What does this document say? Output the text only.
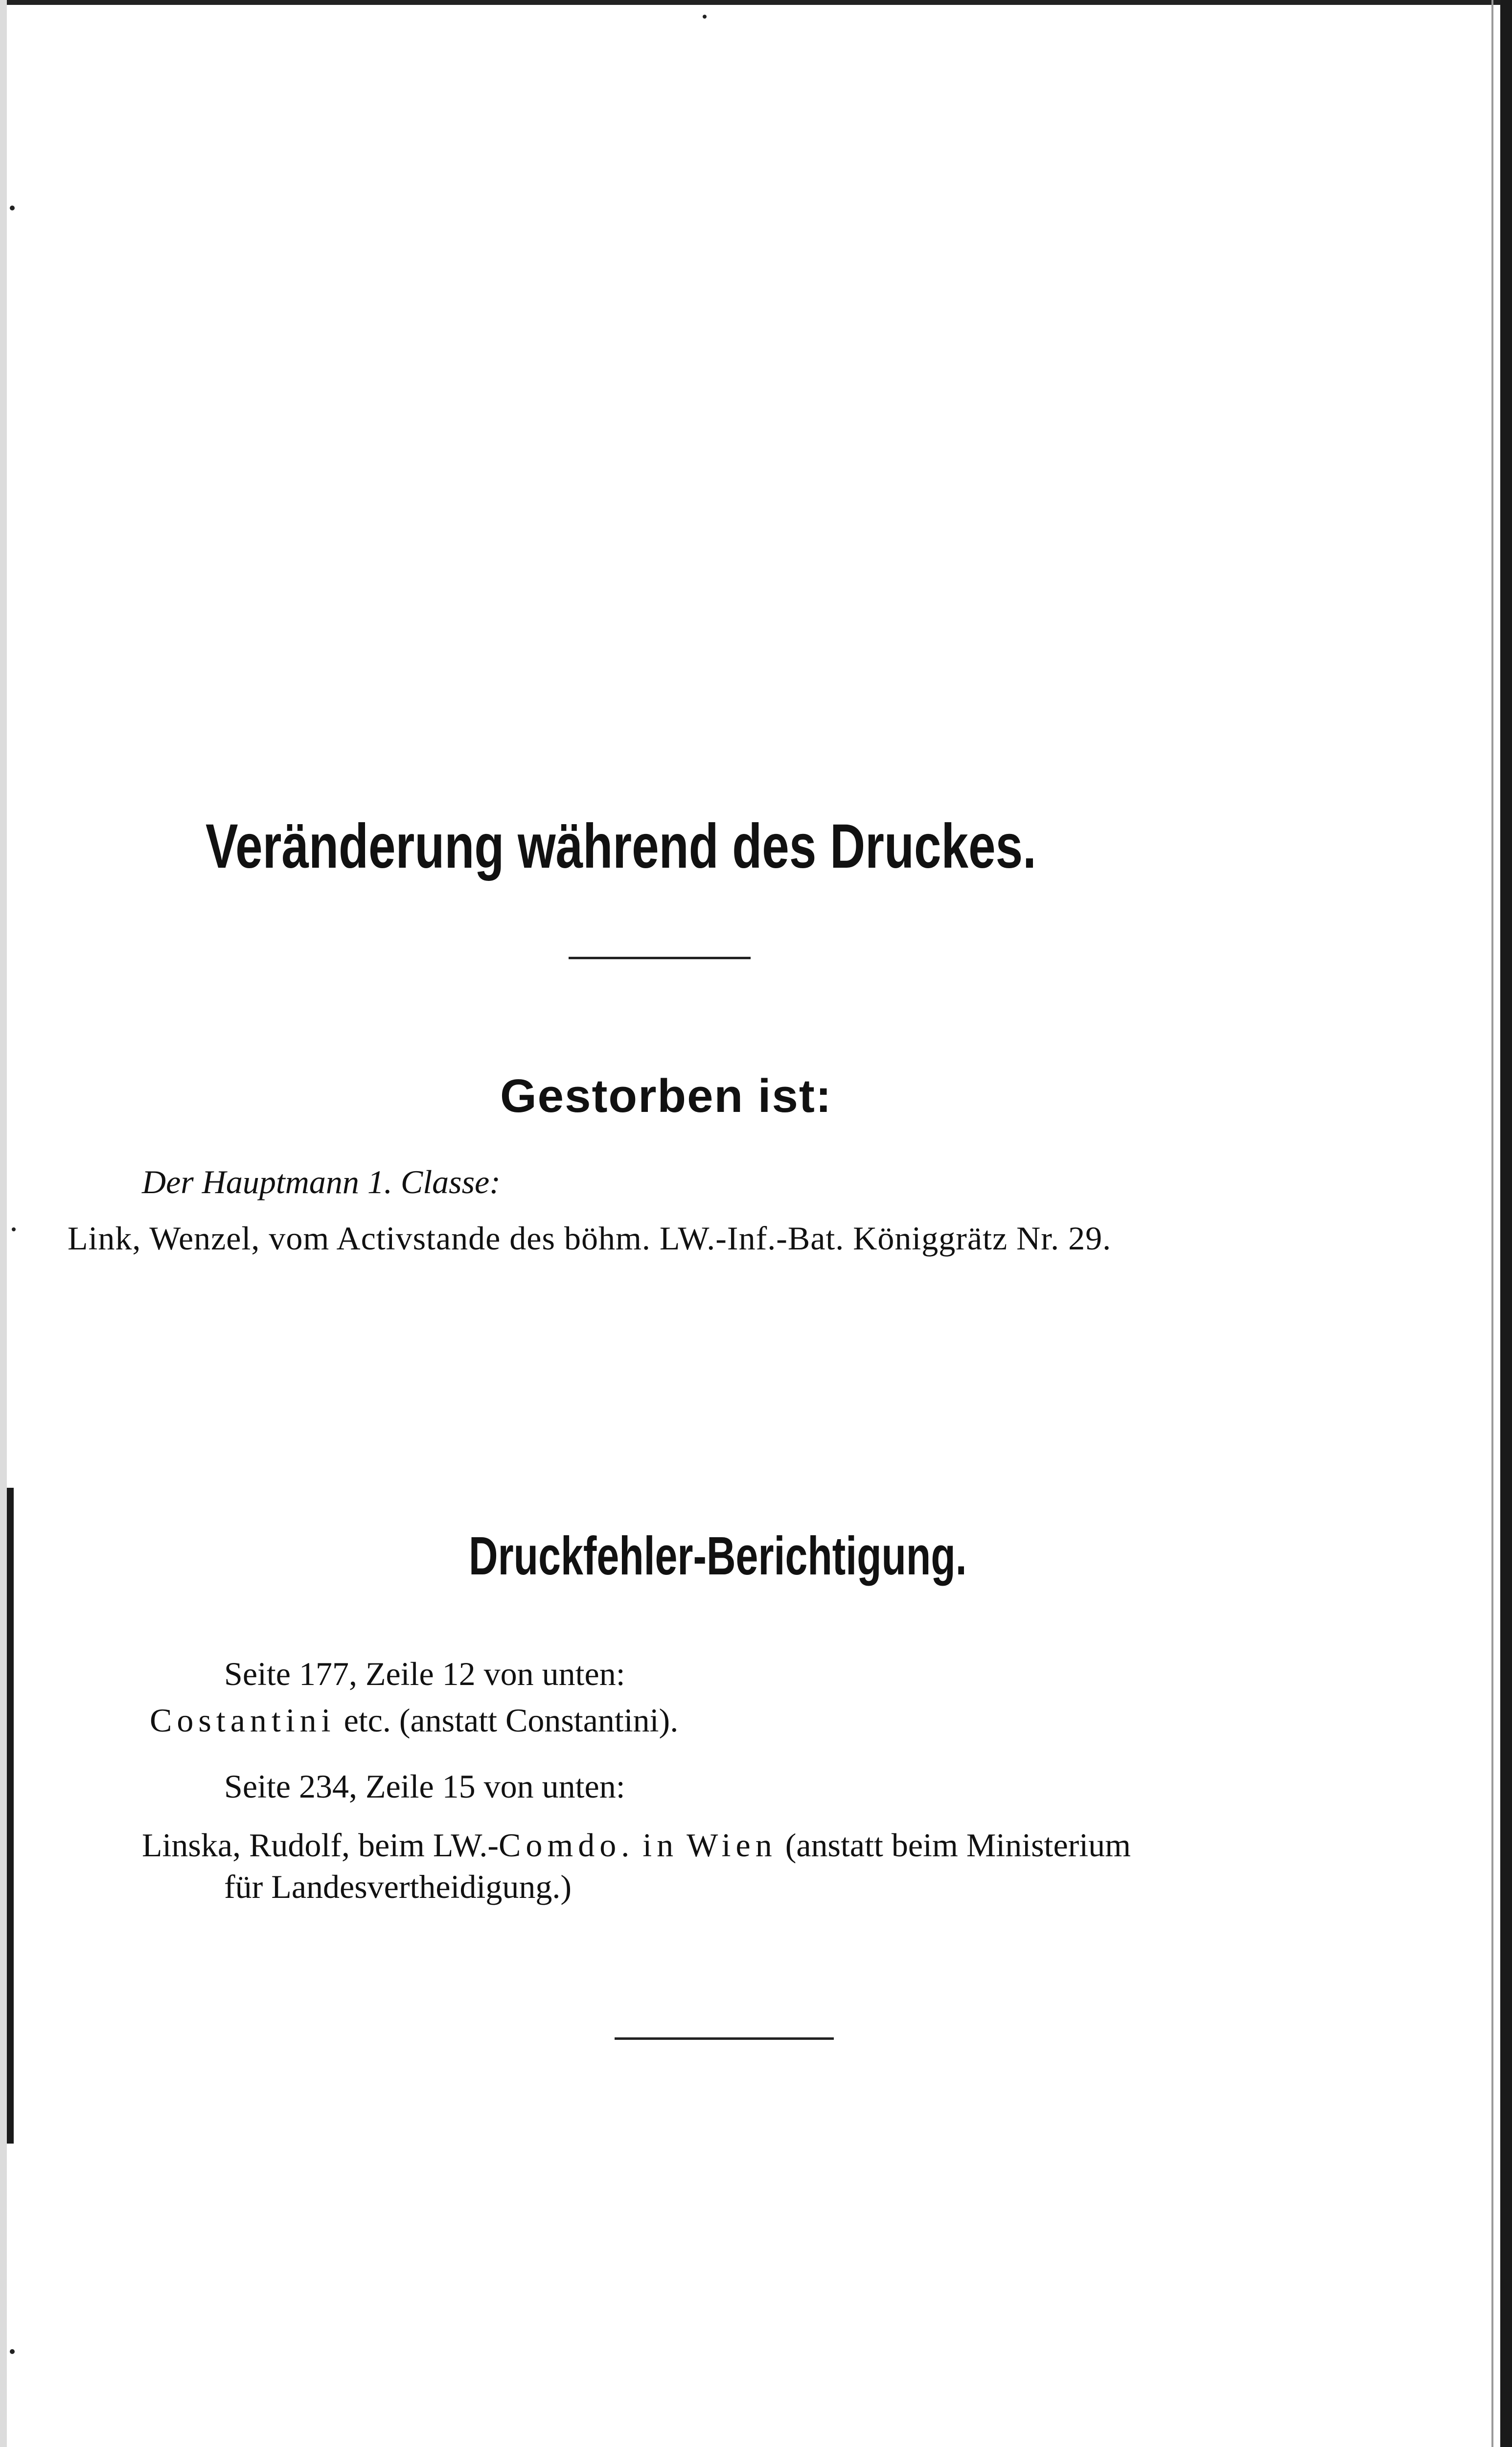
Veränderung während des Druckes.
Gestorben ist:
Der Hauptmann 1. Classe:
Link, Wenzel, vom Activstande des böhm. LW.-Inf.-Bat. Königgrätz Nr. 29.
Druckfehler-Berichtigung.
Seite 177, Zeile 12 von unten:
Costantini etc. (anstatt Constantini).
Seite 234, Zeile 15 von unten:
Linska, Rudolf, beim LW.-Comdo. in Wien (anstatt beim Ministerium
für Landesvertheidigung.)
